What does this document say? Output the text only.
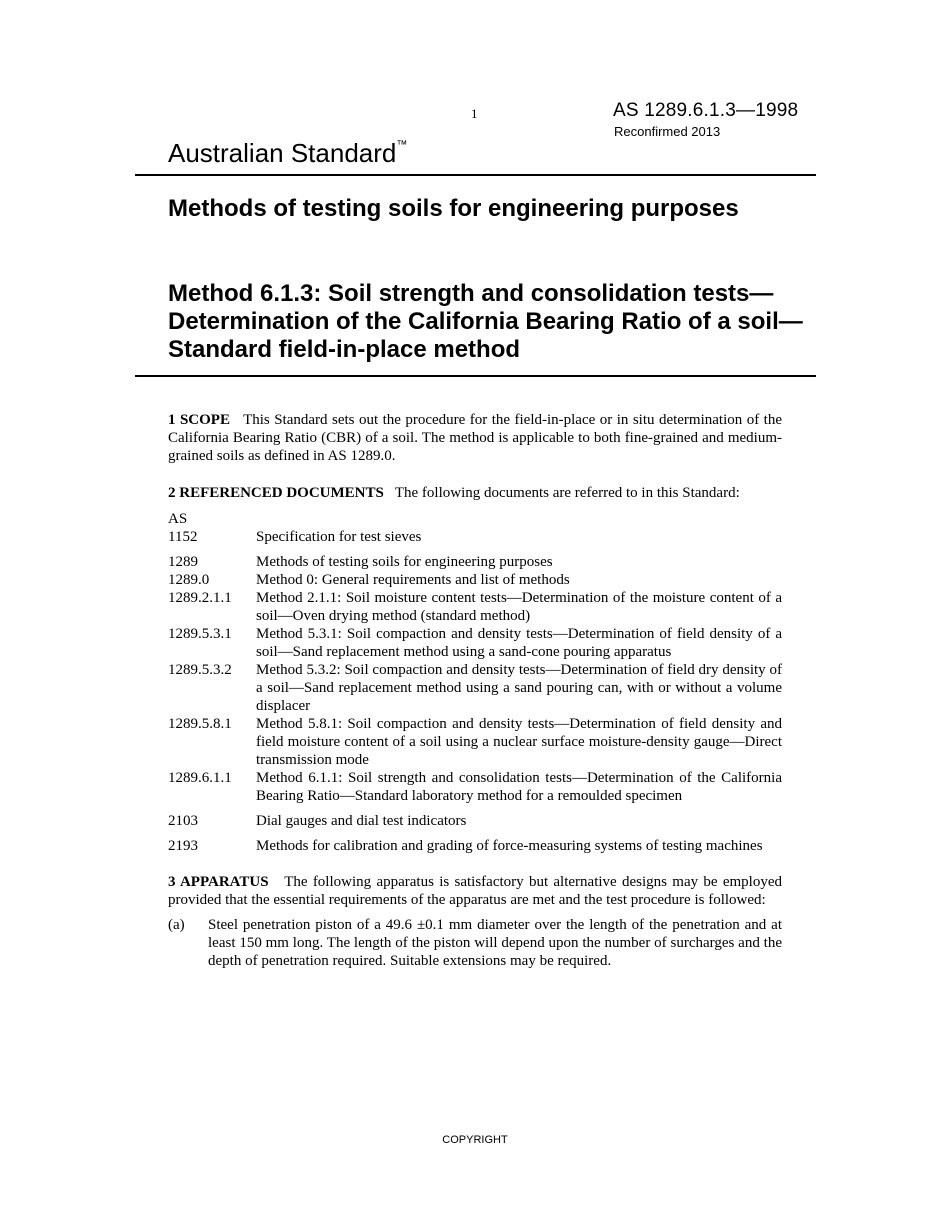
1	AS 1289.6.1.3—1998
Reconfirmed 2013
Australian Standard™
Methods of testing soils for engineering purposes
Method 6.1.3: Soil strength and consolidation tests—Determination of the California Bearing Ratio of a soil—Standard field-in-place method

1 SCOPE This Standard sets out the procedure for the field-in-place or in situ determination of the California Bearing Ratio (CBR) of a soil. The method is applicable to both fine-grained and medium-grained soils as defined in AS 1289.0.

2 REFERENCED DOCUMENTS The following documents are referred to in this Standard:

AS

1152	Specification for test sieves

1289	Methods of testing soils for engineering purposes
1289.0	Method 0: General requirements and list of methods
1289.2.1.1	Method 2.1.1: Soil moisture content tests—Determination of the moisture content of a soil—Oven drying method (standard method)
1289.5.3.1	Method 5.3.1: Soil compaction and density tests—Determination of field density of a soil—Sand replacement method using a sand-cone pouring apparatus
1289.5.3.2	Method 5.3.2: Soil compaction and density tests—Determination of field dry density of a soil—Sand replacement method using a sand pouring can, with or without a volume displacer
1289.5.8.1	Method 5.8.1: Soil compaction and density tests—Determination of field density and field moisture content of a soil using a nuclear surface moisture-density gauge—Direct transmission mode
1289.6.1.1	Method 6.1.1: Soil strength and consolidation tests—Determination of the California Bearing Ratio—Standard laboratory method for a remoulded specimen

2103	Dial gauges and dial test indicators

2193	Methods for calibration and grading of force-measuring systems of testing machines

3 APPARATUS The following apparatus is satisfactory but alternative designs may be employed provided that the essential requirements of the apparatus are met and the test procedure is followed:

(a)	Steel penetration piston of a 49.6 ±0.1 mm diameter over the length of the penetration and at least 150 mm long. The length of the piston will depend upon the number of surcharges and the depth of penetration required. Suitable extensions may be required.
COPYRIGHT
